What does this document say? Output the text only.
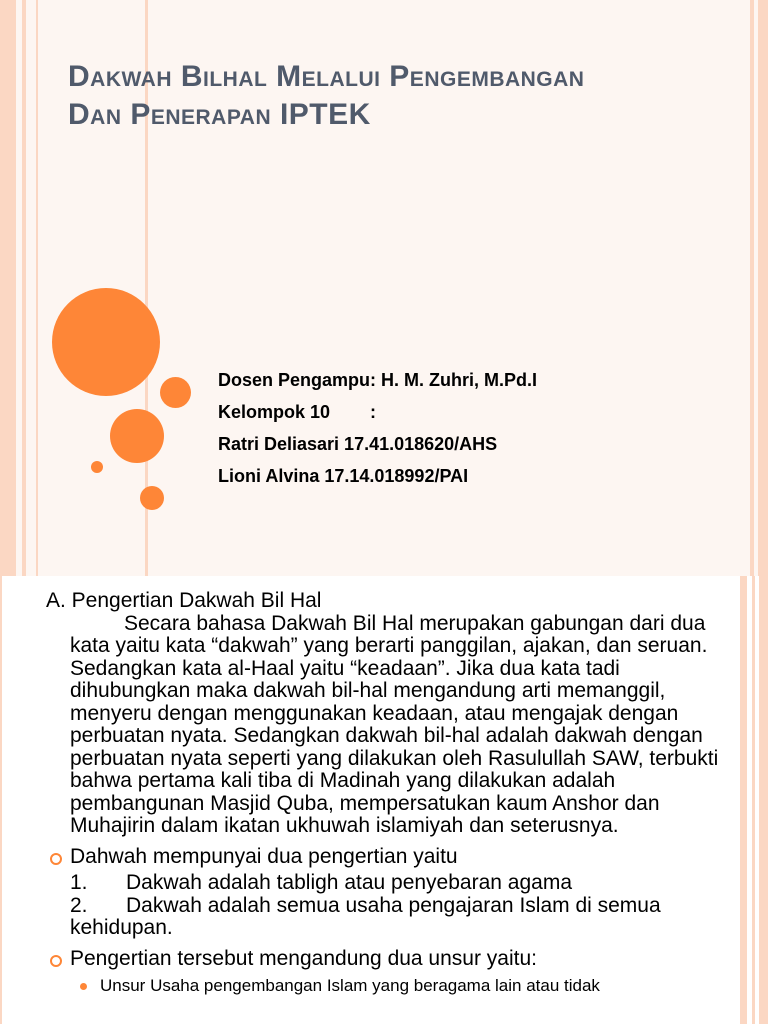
Dakwah Bilhal Melalui Pengembangan
Dan Penerapan IPTEK
Dosen Pengampu: H. M. Zuhri, M.Pd.I
Kelompok 10        :
Ratri Deliasari 17.41.018620/AHS
Lioni Alvina 17.14.018992/PAI
A. Pengertian Dakwah Bil Hal

Secara bahasa Dakwah Bil Hal merupakan gabungan dari dua kata yaitu kata “dakwah” yang berarti panggilan, ajakan, dan seruan. Sedangkan kata al-Haal yaitu “keadaan”. Jika dua kata tadi dihubungkan maka dakwah bil-hal mengandung arti memanggil, menyeru dengan menggunakan keadaan, atau mengajak dengan perbuatan nyata. Sedangkan dakwah bil-hal adalah dakwah dengan perbuatan nyata seperti yang dilakukan oleh Rasulullah SAW, terbukti bahwa pertama kali tiba di Madinah yang dilakukan adalah pembangunan Masjid Quba, mempersatukan kaum Anshor dan Muhajirin dalam ikatan ukhuwah islamiyah dan seterusnya.

Dahwah mempunyai dua pengertian yaitu
1. Dakwah adalah tabligh atau penyebaran agama
2. Dakwah adalah semua usaha pengajaran Islam di semua kehidupan.
Pengertian tersebut mengandung dua unsur yaitu:
Unsur Usaha pengembangan Islam yang beragama lain atau tidak
